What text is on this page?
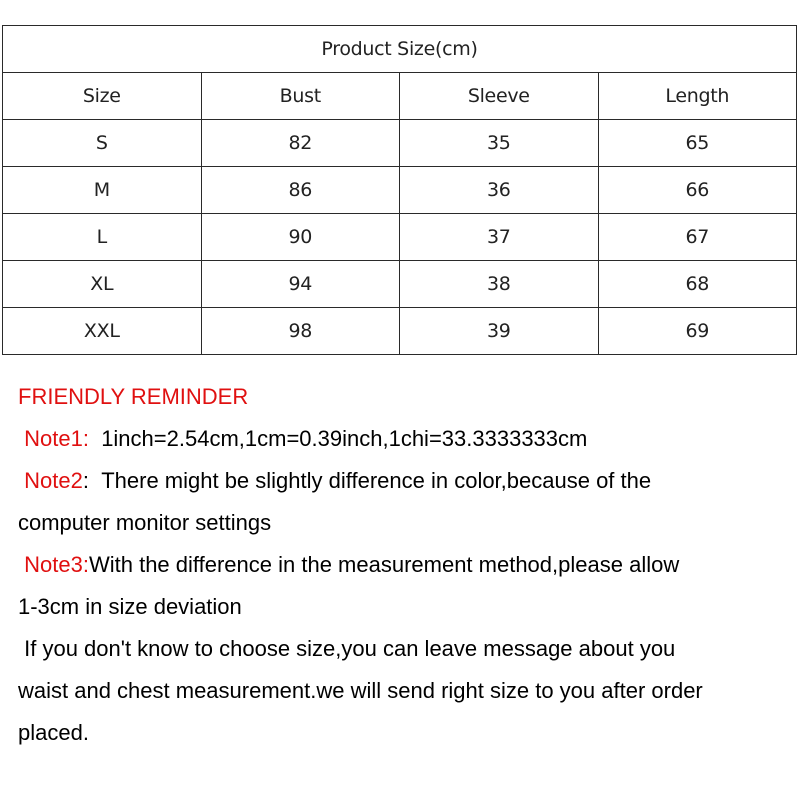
Product Size(cm)			
Size	Bust	Sleeve	Length
S	82	35	65
M	86	36	66
L	90	37	67
XL	94	38	68
XXL	98	39	69
FRIENDLY REMINDER
Note1: 1inch=2.54cm,1cm=0.39inch,1chi=33.3333333cm
Note2: There might be slightly difference in color,because of the
computer monitor settings
Note3:With the difference in the measurement method,please allow
1-3cm in size deviation
If you don't know to choose size,you can leave message about you
waist and chest measurement.we will send right size to you after order
placed.
